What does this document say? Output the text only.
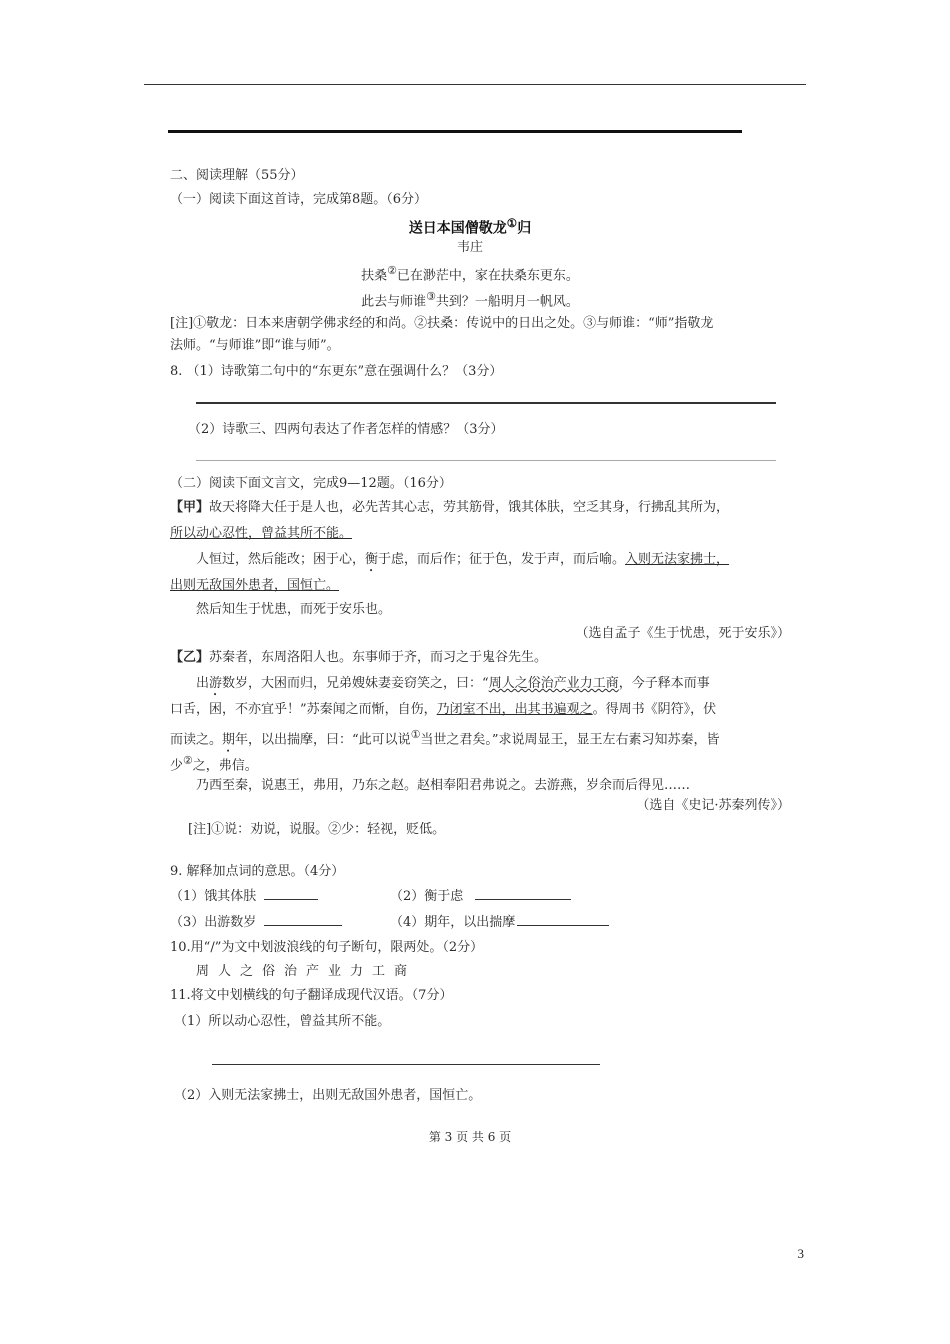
二、阅读理解（55分）
（一）阅读下面这首诗，完成第8题。（6分）
送日本国僧敬龙①归
韦庄
扶桑②已在渺茫中，家在扶桑东更东。
此去与师谁③共到？一船明月一帆风。
[注]①敬龙：日本来唐朝学佛求经的和尚。②扶桑：传说中的日出之处。③与师谁：“师”指敬龙
法师。“与师谁”即“谁与师”。
8. （1）诗歌第二句中的“东更东”意在强调什么？（3分）
（2）诗歌三、四两句表达了作者怎样的情感？（3分）
（二）阅读下面文言文，完成9—12题。（16分）
【甲】故天将降大任于是人也，必先苦其心志，劳其筋骨，饿其体肤，空乏其身，行拂乱其所为，
所以动心忍性，曾益其所不能。
人恒过，然后能改；困于心，衡于虑，而后作；征于色，发于声，而后喻。入则无法家拂士，
出则无敌国外患者，国恒亡。
然后知生于忧患，而死于安乐也。
（选自孟子《生于忧患，死于安乐》）
【乙】苏秦者，东周洛阳人也。东事师于齐，而习之于鬼谷先生。
出游数岁，大困而归，兄弟嫂妹妻妾窃笑之，曰：“周人之俗治产业力工商，今子释本而事
口舌，困，不亦宜乎！”苏秦闻之而惭，自伤，乃闭室不出，出其书遍观之。得周书《阴符》，伏
而读之。期年，以出揣摩，曰：“此可以说①当世之君矣。”求说周显王，显王左右素习知苏秦，皆
少②之，弗信。
乃西至秦，说惠王，弗用，乃东之赵。赵相奉阳君弗说之。去游燕，岁余而后得见……
（选自《史记·苏秦列传》）
[注]①说：劝说，说服。②少：轻视，贬低。
9. 解释加点词的意思。（4分）
（1）饿其体肤	（2）衡于虑
（3）出游数岁	（4）期年，以出揣摩
10.用“/”为文中划波浪线的句子断句，限两处。（2分）
周人之俗治产业力工商
11.将文中划横线的句子翻译成现代汉语。（7分）
（1）所以动心忍性，曾益其所不能。
（2）入则无法家拂士，出则无敌国外患者，国恒亡。
第 3 页 共 6 页
3
